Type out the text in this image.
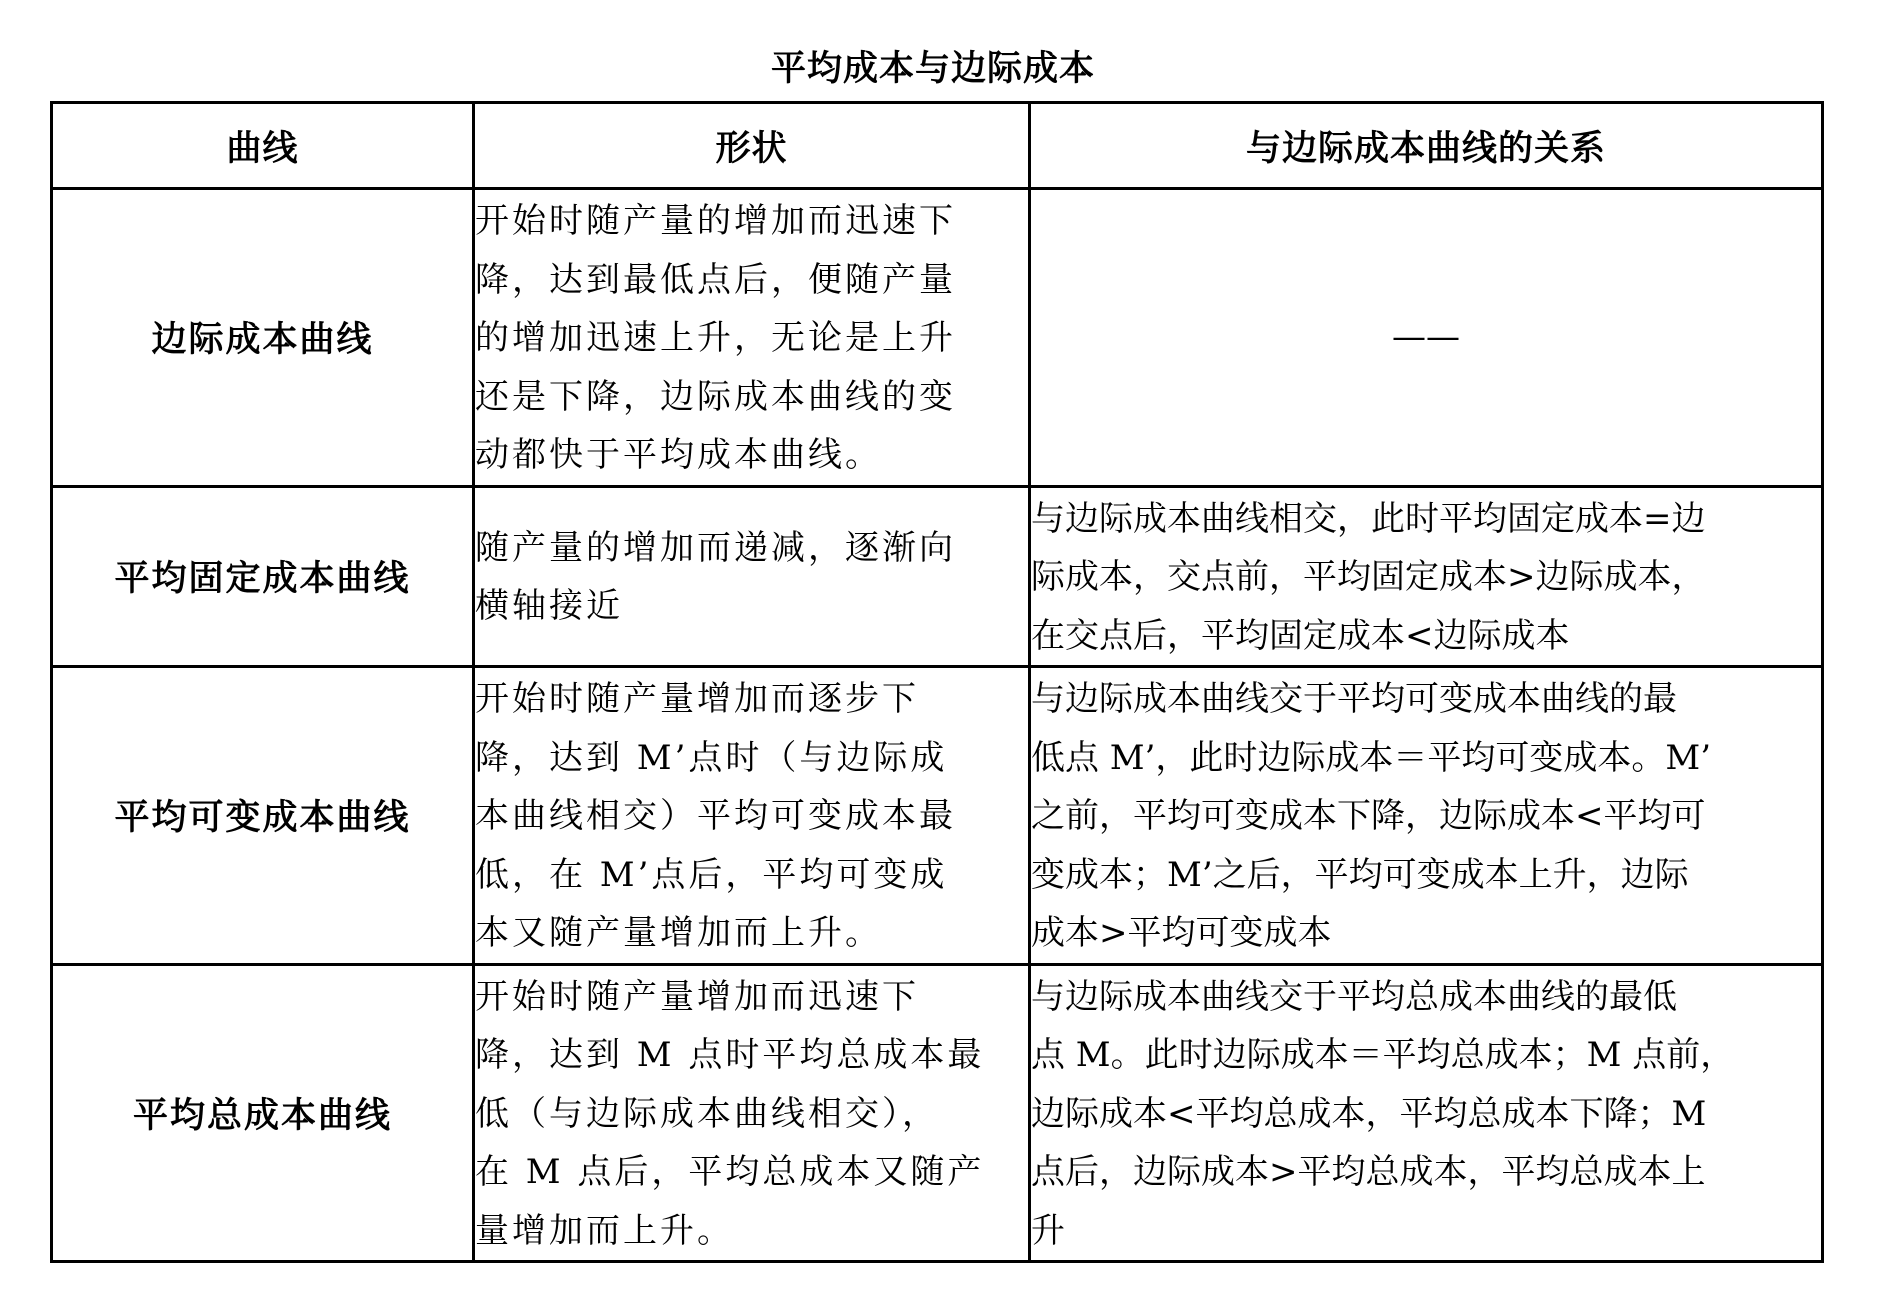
平均成本与边际成本
曲线	形状	与边际成本曲线的关系
边际成本曲线	开始时随产量的增加而迅速下
降，达到最低点后，便随产量
的增加迅速上升，无论是上升
还是下降，边际成本曲线的变
动都快于平均成本曲线。	——
平均固定成本曲线	随产量的增加而递减，逐渐向
横轴接近	与边际成本曲线相交，此时平均固定成本=边
际成本，交点前，平均固定成本>边际成本，
在交点后，平均固定成本<边际成本

平均可变成本曲线	开始时随产量增加而逐步下
降，达到 M’点时（与边际成
本曲线相交）平均可变成本最
低，在 M’点后，平均可变成
本又随产量增加而上升。	与边际成本曲线交于平均可变成本曲线的最
低点 M’，此时边际成本＝平均可变成本。M’
之前，平均可变成本下降，边际成本<平均可
变成本；M’之后，平均可变成本上升，边际
成本>平均可变成本

平均总成本曲线	开始时随产量增加而迅速下
降，达到 M 点时平均总成本最
低（与边际成本曲线相交），
在 M 点后，平均总成本又随产
量增加而上升。	与边际成本曲线交于平均总成本曲线的最低
点 M。此时边际成本＝平均总成本；M 点前，
边际成本<平均总成本，平均总成本下降；M
点后，边际成本>平均总成本，平均总成本上
升
